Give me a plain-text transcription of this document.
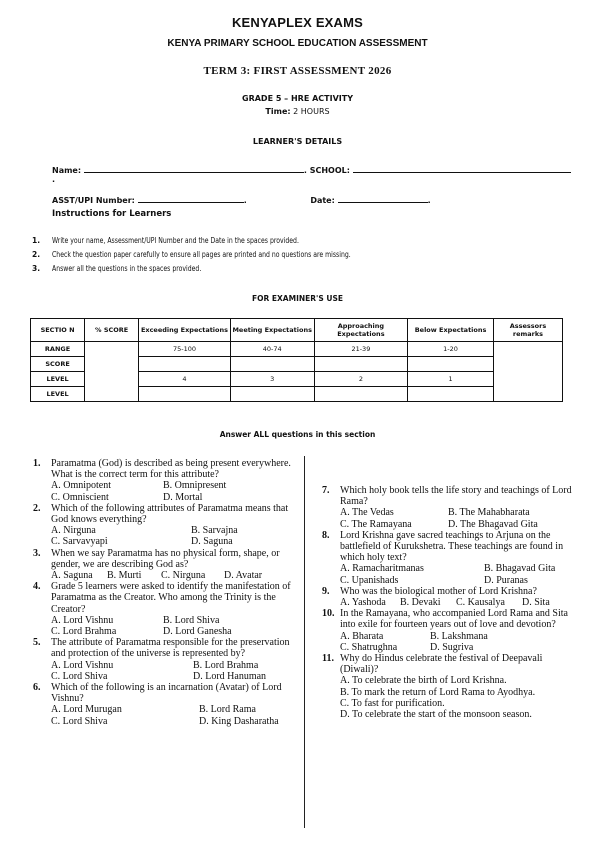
KENYAPLEX EXAMS
KENYA PRIMARY SCHOOL EDUCATION ASSESSMENT
TERM 3: FIRST ASSESSMENT 2026
GRADE 5 – HRE ACTIVITY
Time: 2 HOURS
LEARNER'S DETAILS
Name:	. SCHOOL: .
ASST/UPI Number:	.	Date:	.
Instructions for Learners
1. Write your name, Assessment/UPI Number and the Date in the spaces provided.
2. Check the question paper carefully to ensure all pages are printed and no questions are missing.
3. Answer all the questions in the spaces provided.
FOR EXAMINER'S USE
SECTIO N	% SCORE	Exceeding Expectations	Meeting Expectations	Approaching Expectations	Below Expectations	Assessors remarks
RANGE		75-100	40-74	21-39	1-20	
SCORE						
LEVEL		4	3	2	1	
LEVEL						
Answer ALL questions in this section
1. Paramatma (God) is described as being present everywhere. What is the correct term for this attribute?
A. Omnipotent	B. Omnipresent
C. Omniscient	D. Mortal
2. Which of the following attributes of Paramatma means that God knows everything?
A. Nirguna	B. Sarvajna
C. Sarvavyapi	D. Saguna
3. When we say Paramatma has no physical form, shape, or gender, we are describing God as?
A. Saguna	B. Murti	C. Nirguna	D. Avatar
4. Grade 5 learners were asked to identify the manifestation of Paramatma as the Creator. Who among the Trinity is the Creator?
A. Lord Vishnu	B. Lord Shiva
C. Lord Brahma	D. Lord Ganesha
5. The attribute of Paramatma responsible for the preservation and protection of the universe is represented by?
A. Lord Vishnu	B. Lord Brahma
C. Lord Shiva	D. Lord Hanuman
6. Which of the following is an incarnation (Avatar) of Lord Vishnu?
A. Lord Murugan	B. Lord Rama
C. Lord Shiva	D. King Dasharatha
7. Which holy book tells the life story and teachings of Lord Rama?
A. The Vedas	B. The Mahabharata
C. The Ramayana	D. The Bhagavad Gita
8. Lord Krishna gave sacred teachings to Arjuna on the battlefield of Kurukshetra. These teachings are found in which holy text?
A. Ramacharitmanas	B. Bhagavad Gita
C. Upanishads	D. Puranas
9. Who was the biological mother of Lord Krishna?
A. Yashoda	B. Devaki	C. Kausalya	D. Sita
10. In the Ramayana, who accompanied Lord Rama and Sita into exile for fourteen years out of love and devotion?
A. Bharata	B. Lakshmana
C. Shatrughna	D. Sugriva
11. Why do Hindus celebrate the festival of Deepavali (Diwali)?
A. To celebrate the birth of Lord Krishna.
B. To mark the return of Lord Rama to Ayodhya.
C. To fast for purification.
D. To celebrate the start of the monsoon season.
